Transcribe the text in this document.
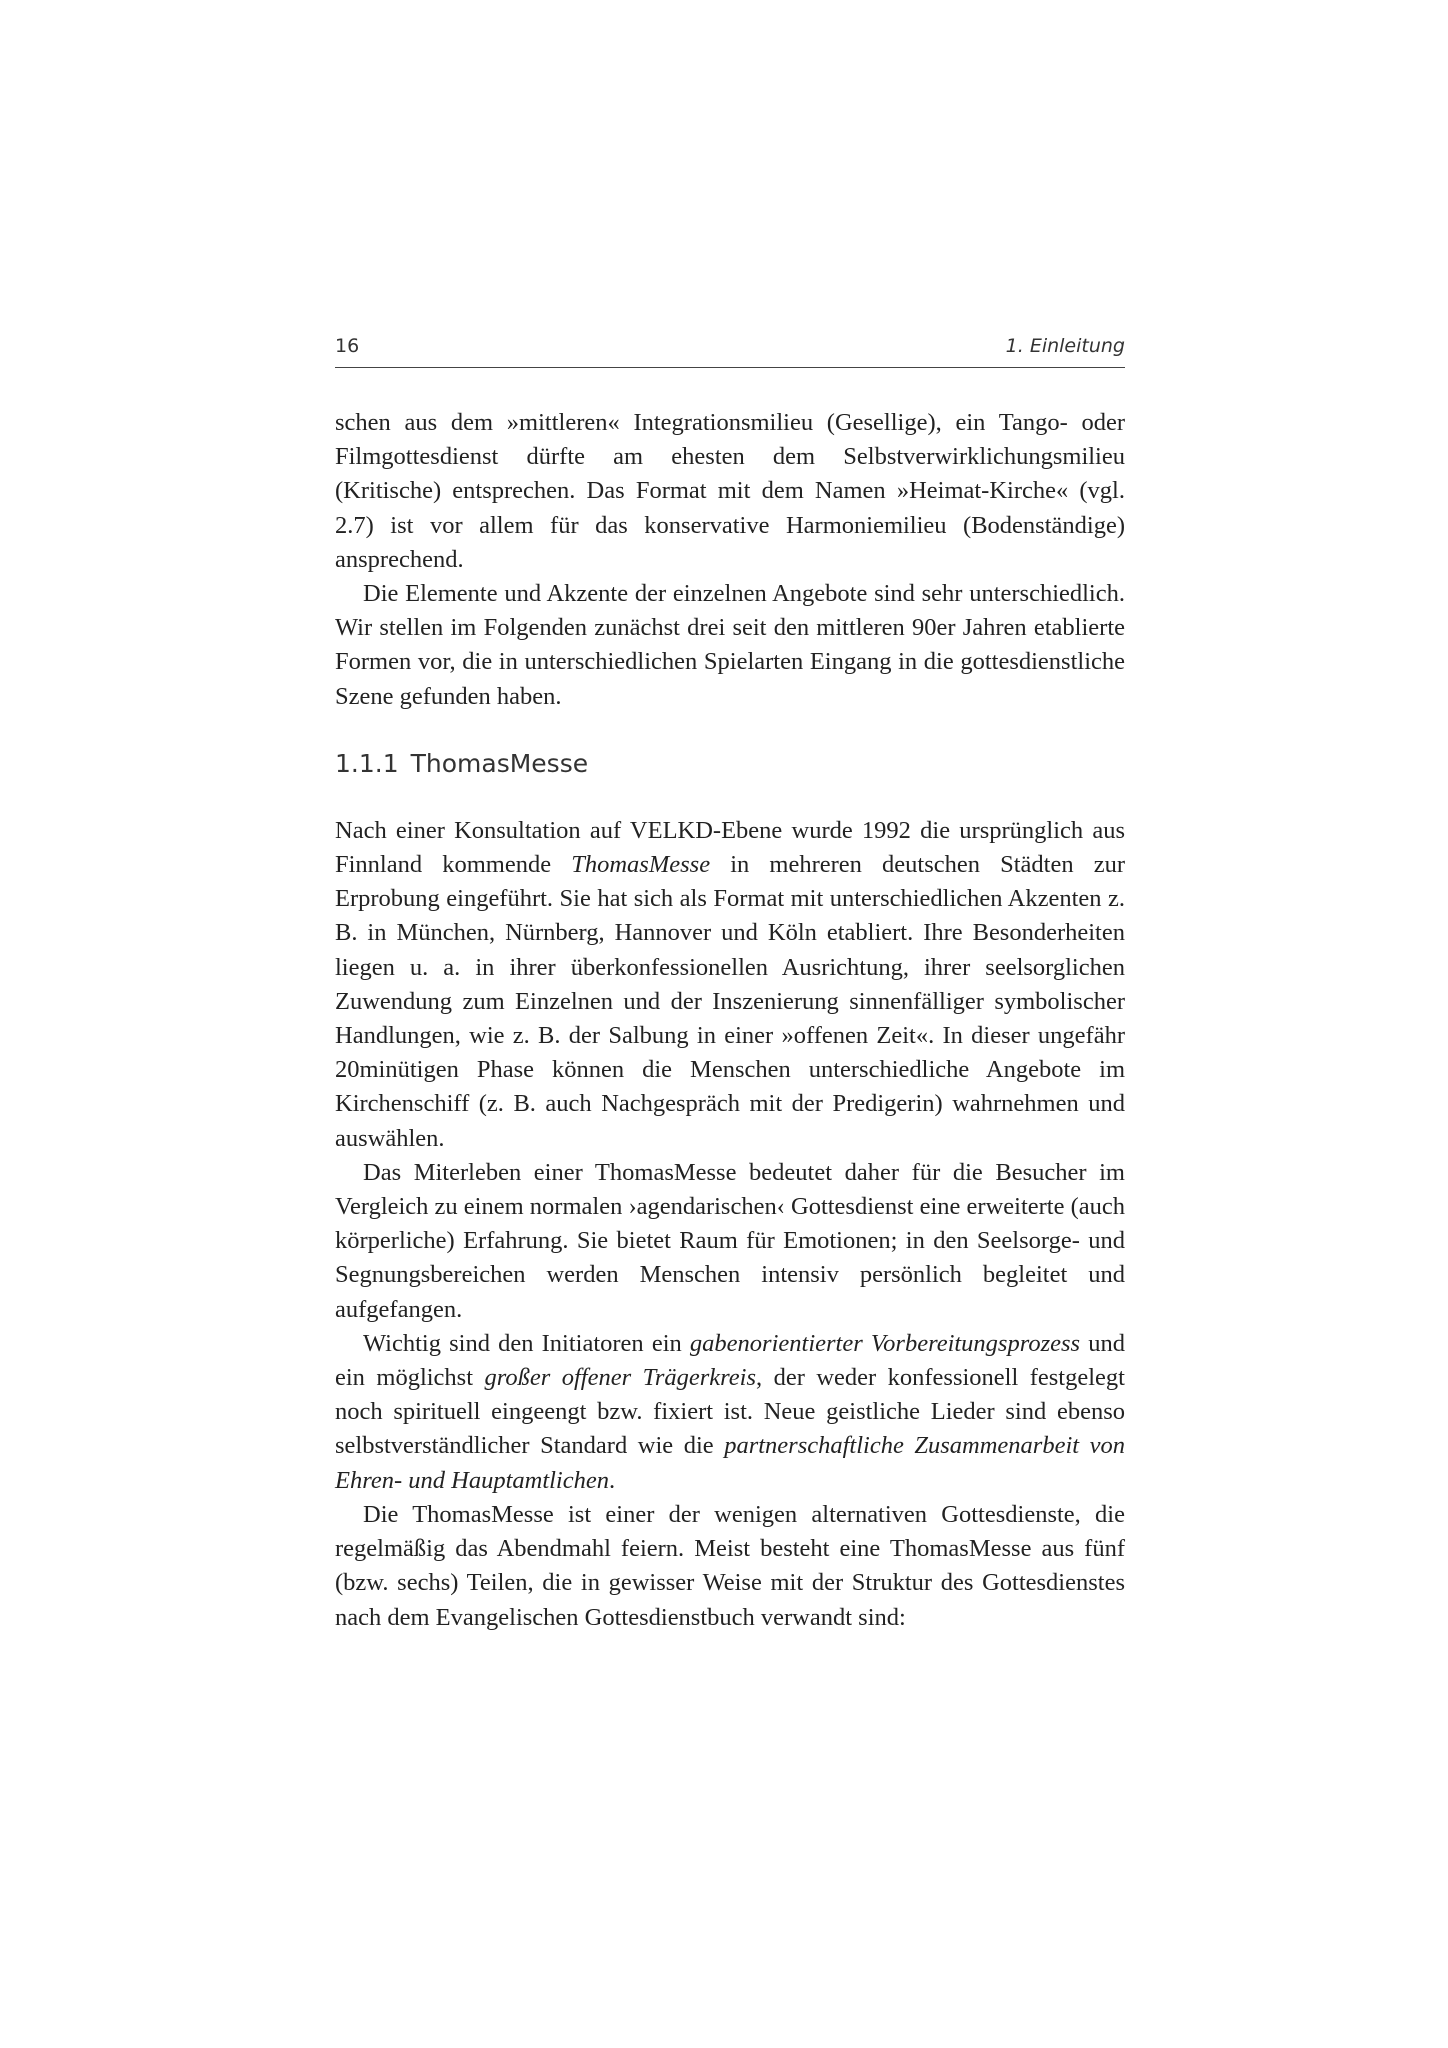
16	1. Einleitung

schen aus dem »mittleren« Integrationsmilieu (Gesellige), ein Tango- oder Filmgottesdienst dürfte am ehesten dem Selbstverwirklichungsmilieu (Kritische) entsprechen. Das Format mit dem Namen »Heimat-Kirche« (vgl. 2.7) ist vor allem für das konservative Harmoniemilieu (Bodenständige) ansprechend.

Die Elemente und Akzente der einzelnen Angebote sind sehr unterschiedlich. Wir stellen im Folgenden zunächst drei seit den mittleren 90er Jahren etablierte Formen vor, die in unterschiedlichen Spielarten Eingang in die gottesdienstliche Szene gefunden haben.

1.1.1 ThomasMesse

Nach einer Konsultation auf VELKD-Ebene wurde 1992 die ursprünglich aus Finnland kommende ThomasMesse in mehreren deutschen Städten zur Erprobung eingeführt. Sie hat sich als Format mit unterschiedlichen Akzenten z. B. in München, Nürnberg, Hannover und Köln etabliert. Ihre Besonderheiten liegen u. a. in ihrer überkonfessionellen Ausrichtung, ihrer seelsorglichen Zuwendung zum Einzelnen und der Inszenierung sinnenfälliger symbolischer Handlungen, wie z. B. der Salbung in einer »offenen Zeit«. In dieser ungefähr 20minütigen Phase können die Menschen unterschiedliche Angebote im Kirchenschiff (z. B. auch Nachgespräch mit der Predigerin) wahrnehmen und auswählen.

Das Miterleben einer ThomasMesse bedeutet daher für die Besucher im Vergleich zu einem normalen ›agendarischen‹ Gottesdienst eine erweiterte (auch körperliche) Erfahrung. Sie bietet Raum für Emotionen; in den Seelsorge- und Segnungsbereichen werden Menschen intensiv persönlich begleitet und aufgefangen.

Wichtig sind den Initiatoren ein gabenorientierter Vorbereitungsprozess und ein möglichst großer offener Trägerkreis, der weder konfessionell festgelegt noch spirituell eingeengt bzw. fixiert ist. Neue geistliche Lieder sind ebenso selbstverständlicher Standard wie die partnerschaftliche Zusammenarbeit von Ehren- und Hauptamtlichen.

Die ThomasMesse ist einer der wenigen alternativen Gottesdienste, die regelmäßig das Abendmahl feiern. Meist besteht eine ThomasMesse aus fünf (bzw. sechs) Teilen, die in gewisser Weise mit der Struktur des Gottesdienstes nach dem Evangelischen Gottesdienstbuch verwandt sind:
